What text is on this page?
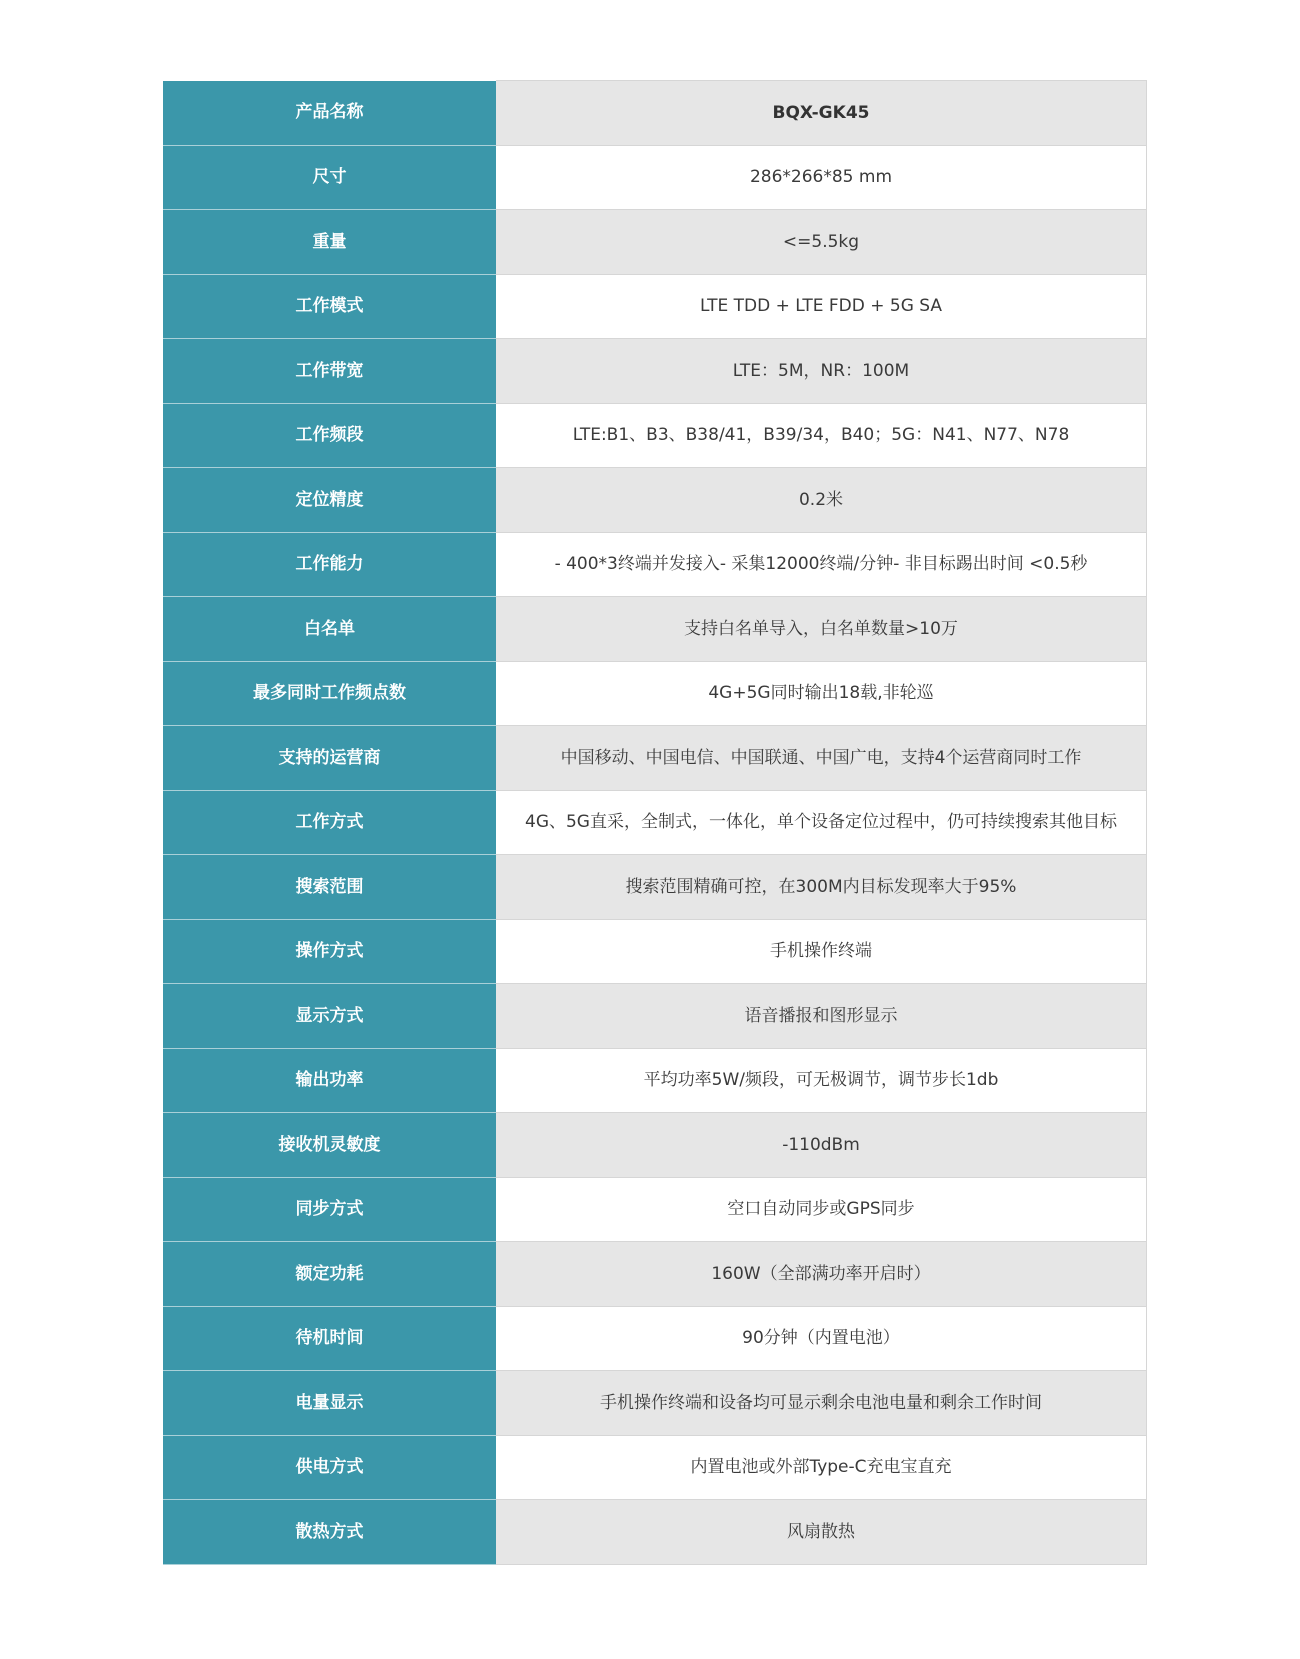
产品名称	BQX-GK45
尺寸	286*266*85 mm
重量	<=5.5kg
工作模式	LTE TDD + LTE FDD + 5G SA
工作带宽	LTE：5M，NR：100M
工作频段	LTE:B1、B3、B38/41，B39/34，B40；5G：N41、N77、N78
定位精度	0.2米
工作能力	- 400*3终端并发接入- 采集12000终端/分钟- 非目标踢出时间 <0.5秒
白名单	支持白名单导入，白名单数量>10万
最多同时工作频点数	4G+5G同时输出18载,非轮巡
支持的运营商	中国移动、中国电信、中国联通、中国广电，支持4个运营商同时工作
工作方式	4G、5G直采，全制式，一体化，单个设备定位过程中，仍可持续搜索其他目标
搜索范围	搜索范围精确可控，在300M内目标发现率大于95%
操作方式	手机操作终端
显示方式	语音播报和图形显示
输出功率	平均功率5W/频段，可无极调节，调节步长1db
接收机灵敏度	-110dBm
同步方式	空口自动同步或GPS同步
额定功耗	160W（全部满功率开启时）
待机时间	90分钟（内置电池）
电量显示	手机操作终端和设备均可显示剩余电池电量和剩余工作时间
供电方式	内置电池或外部Type-C充电宝直充
散热方式	风扇散热
